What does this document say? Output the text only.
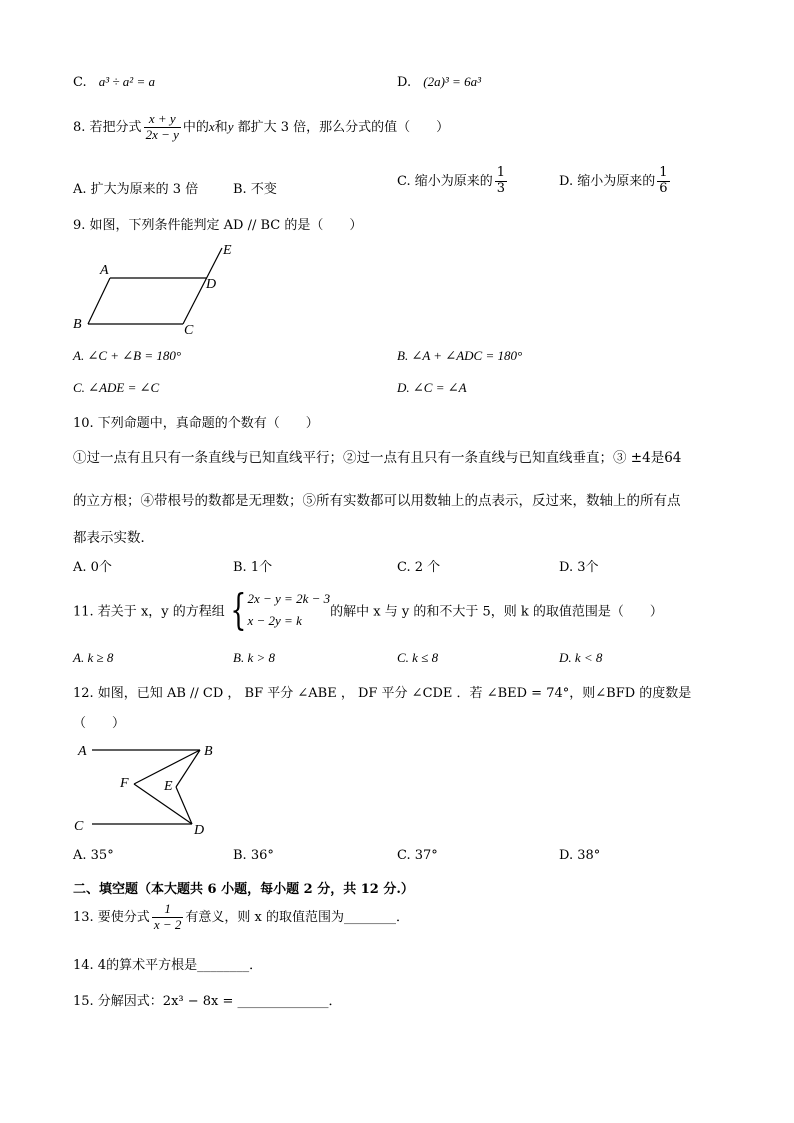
C. a³ ÷ a² = a	D. (2a)³ = 6a³
8. 若把分式 $\frac{x + y}{2x - y}$ 中的x和y 都扩大 3 倍，那么分式的值（　　）
A. 扩大为原来的 3 倍	B. 不变
C. 缩小为原来的 $\frac{1}{3}$	D. 缩小为原来的 $\frac{1}{6}$
9. 如图，下列条件能判定 AD // BC 的是（　　）
A
B	C
D
E
A. ∠C + ∠B = 180°	B. ∠A + ∠ADC = 180°
C. ∠ADE = ∠C	D. ∠C = ∠A
10. 下列命题中，真命题的个数有（　　）
①过一点有且只有一条直线与已知直线平行；②过一点有且只有一条直线与已知直线垂直；③ ±4是64
的立方根；④带根号的数都是无理数；⑤所有实数都可以用数轴上的点表示，反过来，数轴上的所有点
都表示实数．
A. 0个	B. 1个	C. 2 个	D. 3个
11. 若关于 x，y 的方程组 { 2x − y = 2k − 3
x − 2y = k
的解中 x 与 y 的和不大于 5，则 k 的取值范围是（　　）
A. k ≥ 8	B. k > 8	C. k ≤ 8	D. k < 8
12. 如图，已知 AB // CD ， BF 平分 ∠ABE ， DF 平分 ∠CDE ．若 ∠BED = 74°，则∠BFD 的度数是
（　　）
A	B
C	D
E
F
A. 35°	B. 36°	C. 37°	D. 38°
二、填空题（本大题共 6 小题，每小题 2 分，共 12 分.）
13. 要使分式 $\frac{1}{x - 2}$ 有意义，则 x 的取值范围为________．
14. 4的算术平方根是________．
15. 分解因式：2x³ − 8x = ______________．
